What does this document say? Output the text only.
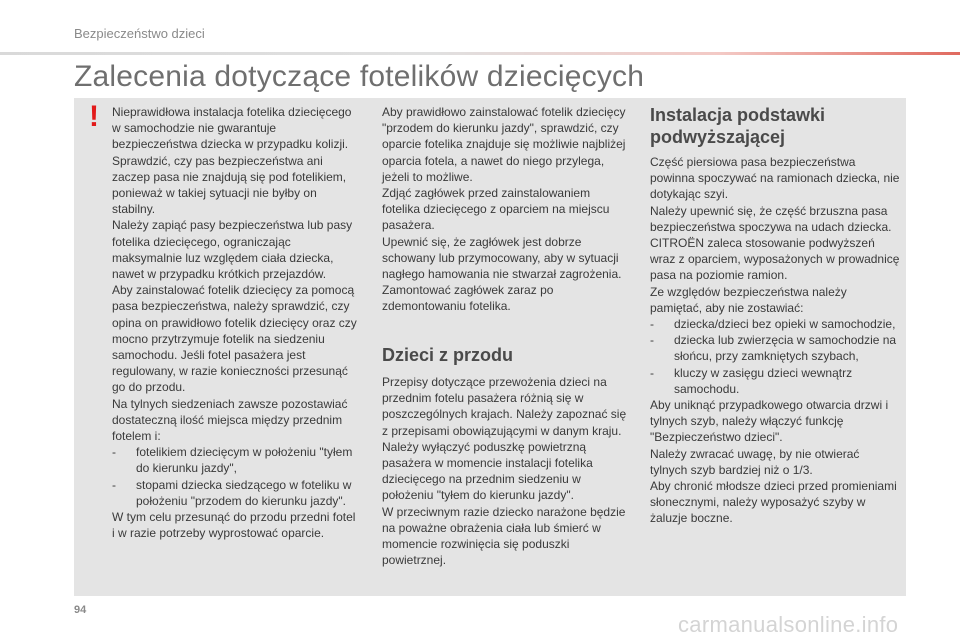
Bezpieczeństwo dzieci
Zalecenia dotyczące fotelików dziecięcych
!	Nieprawidłowa instalacja fotelika dziecięcego w samochodzie nie gwarantuje bezpieczeństwa dziecka w przypadku kolizji.

Sprawdzić, czy pas bezpieczeństwa ani zaczep pasa nie znajdują się pod fotelikiem, ponieważ w takiej sytuacji nie byłby on stabilny.

Należy zapiąć pasy bezpieczeństwa lub pasy fotelika dziecięcego, ograniczając maksymalnie luz względem ciała dziecka, nawet w przypadku krótkich przejazdów.

Aby zainstalować fotelik dziecięcy za pomocą pasa bezpieczeństwa, należy sprawdzić, czy opina on prawidłowo fotelik dziecięcy oraz czy mocno przytrzymuje fotelik na siedzeniu samochodu. Jeśli fotel pasażera jest regulowany, w razie konieczności przesunąć go do przodu.

Na tylnych siedzeniach zawsze pozostawiać dostateczną ilość miejsca między przednim fotelem i:

- fotelikiem dziecięcym w położeniu "tyłem do kierunku jazdy",
- stopami dziecka siedzącego w foteliku w położeniu "przodem do kierunku jazdy".

W tym celu przesunąć do przodu przedni fotel i w razie potrzeby wyprostować oparcie.

Aby prawidłowo zainstalować fotelik dziecięcy "przodem do kierunku jazdy", sprawdzić, czy oparcie fotelika znajduje się możliwie najbliżej oparcia fotela, a nawet do niego przylega, jeżeli to możliwe.

Zdjąć zagłówek przed zainstalowaniem fotelika dziecięcego z oparciem na miejscu pasażera.

Upewnić się, że zagłówek jest dobrze schowany lub przymocowany, aby w sytuacji nagłego hamowania nie stwarzał zagrożenia. Zamontować zagłówek zaraz po zdemontowaniu fotelika.

Dzieci z przodu

Przepisy dotyczące przewożenia dzieci na przednim fotelu pasażera różnią się w poszczególnych krajach. Należy zapoznać się z przepisami obowiązującymi w danym kraju.

Należy wyłączyć poduszkę powietrzną pasażera w momencie instalacji fotelika dziecięcego na przednim siedzeniu w położeniu "tyłem do kierunku jazdy".

W przeciwnym razie dziecko narażone będzie na poważne obrażenia ciała lub śmierć w momencie rozwinięcia się poduszki powietrznej.

Instalacja podstawki podwyższającej

Część piersiowa pasa bezpieczeństwa powinna spoczywać na ramionach dziecka, nie dotykając szyi.

Należy upewnić się, że część brzuszna pasa bezpieczeństwa spoczywa na udach dziecka.

CITROËN zaleca stosowanie podwyższeń wraz z oparciem, wyposażonych w prowadnicę pasa na poziomie ramion.

Ze względów bezpieczeństwa należy pamiętać, aby nie zostawiać:

- dziecka/dzieci bez opieki w samochodzie,
- dziecka lub zwierzęcia w samochodzie na słońcu, przy zamkniętych szybach,
- kluczy w zasięgu dzieci wewnątrz samochodu.

Aby uniknąć przypadkowego otwarcia drzwi i tylnych szyb, należy włączyć funkcję "Bezpieczeństwo dzieci".

Należy zwracać uwagę, by nie otwierać tylnych szyb bardziej niż o 1/3.

Aby chronić młodsze dzieci przed promieniami słonecznymi, należy wyposażyć szyby w żaluzje boczne.

94
carmanualsonline.info
